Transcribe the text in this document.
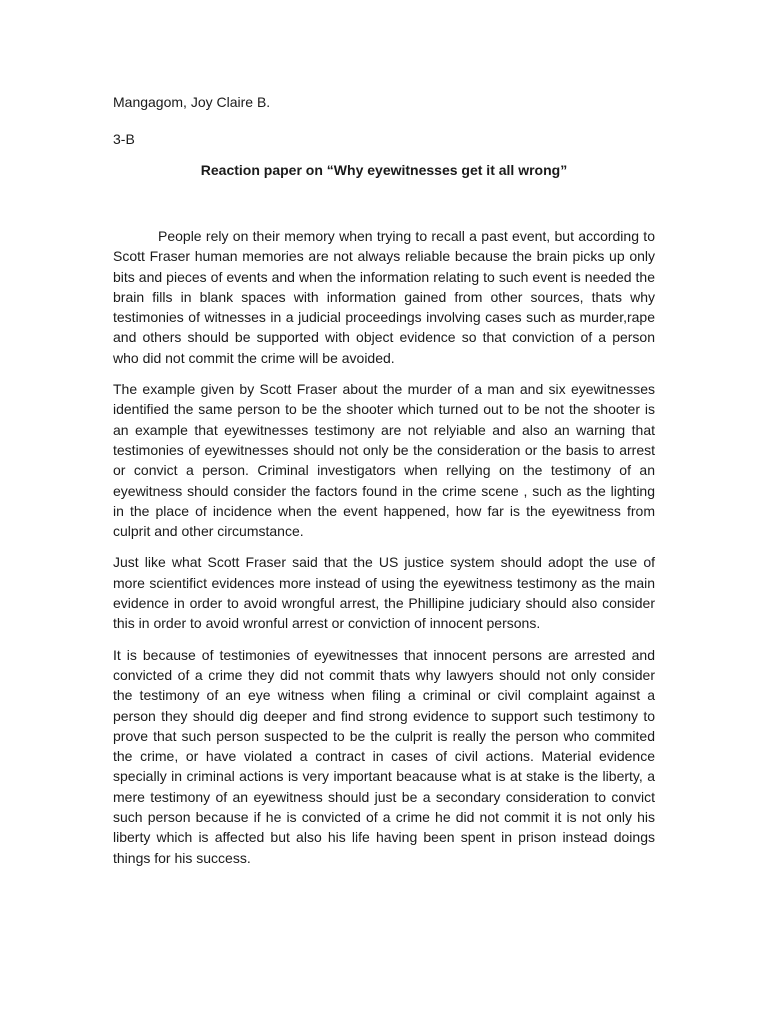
Mangagom, Joy Claire B.

3-B

Reaction paper on “Why eyewitnesses get it all wrong”

People rely on their memory when trying to recall a past event, but according to Scott Fraser human memories are not always reliable because the brain picks up only bits and pieces of events and when the information relating to such event is needed the brain fills in blank spaces with information gained from other sources, thats why testimonies of witnesses in a judicial proceedings involving cases such as murder,rape and others should be supported with object evidence so that conviction of a person who did not commit the crime will be avoided.

The example given by Scott Fraser about the murder of a man and six eyewitnesses identified the same person to be the shooter which turned out to be not the shooter is an example that eyewitnesses testimony are not relyiable and also an warning that testimonies of eyewitnesses should not only be the consideration or the basis to arrest or convict a person. Criminal investigators when rellying on the testimony of an eyewitness should consider the factors found in the crime scene , such as the lighting in the place of incidence when the event happened, how far is the eyewitness from culprit and other circumstance.

Just like what Scott Fraser said that the US justice system should adopt the use of more scientifict evidences more instead of using the eyewitness testimony as the main evidence in order to avoid wrongful arrest, the Phillipine judiciary should also consider this in order to avoid wronful arrest or conviction of innocent persons.

It is because of testimonies of eyewitnesses that innocent persons are arrested and convicted of a crime they did not commit thats why lawyers should not only consider the testimony of an eye witness when filing a criminal or civil complaint against a person they should dig deeper and find strong evidence to support such testimony to prove that such person suspected to be the culprit is really the person who commited the crime, or have violated a contract in cases of civil actions. Material evidence specially in criminal actions is very important beacause what is at stake is the liberty, a mere testimony of an eyewitness should just be a secondary consideration to convict such person because if he is convicted of a crime he did not commit it is not only his liberty which is affected but also his life having been spent in prison instead doings things for his success.
